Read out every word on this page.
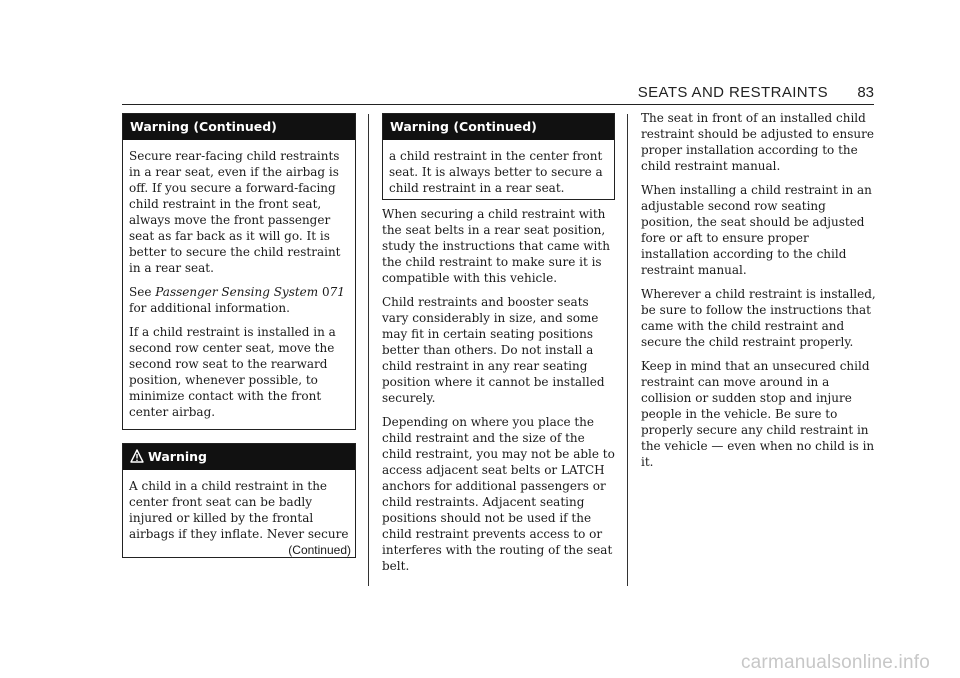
SEATS AND RESTRAINTS 83
Warning (Continued)

Secure rear-facing child restraints in a rear seat, even if the airbag is off. If you secure a forward-facing child restraint in the front seat, always move the front passenger seat as far back as it will go. It is better to secure the child restraint in a rear seat.

See Passenger Sensing System 071
for additional information.

If a child restraint is installed in a second row center seat, move the second row seat to the rearward position, whenever possible, to minimize contact with the front center airbag.

Warning

A child in a child restraint in the center front seat can be badly injured or killed by the frontal airbags if they inflate. Never secure

(Continued)
Warning (Continued)

a child restraint in the center front seat. It is always better to secure a child restraint in a rear seat.

When securing a child restraint with the seat belts in a rear seat position, study the instructions that came with the child restraint to make sure it is compatible with this vehicle.

Child restraints and booster seats vary considerably in size, and some may fit in certain seating positions better than others. Do not install a child restraint in any rear seating position where it cannot be installed securely.

Depending on where you place the child restraint and the size of the child restraint, you may not be able to access adjacent seat belts or LATCH anchors for additional passengers or child restraints. Adjacent seating positions should not be used if the child restraint prevents access to or interferes with the routing of the seat belt.

The seat in front of an installed child restraint should be adjusted to ensure proper installation according to the child restraint manual.

When installing a child restraint in an adjustable second row seating position, the seat should be adjusted fore or aft to ensure proper installation according to the child restraint manual.

Wherever a child restraint is installed, be sure to follow the instructions that came with the child restraint and secure the child restraint properly.

Keep in mind that an unsecured child restraint can move around in a collision or sudden stop and injure people in the vehicle. Be sure to properly secure any child restraint in the vehicle — even when no child is in it.

carmanualsonline.info
